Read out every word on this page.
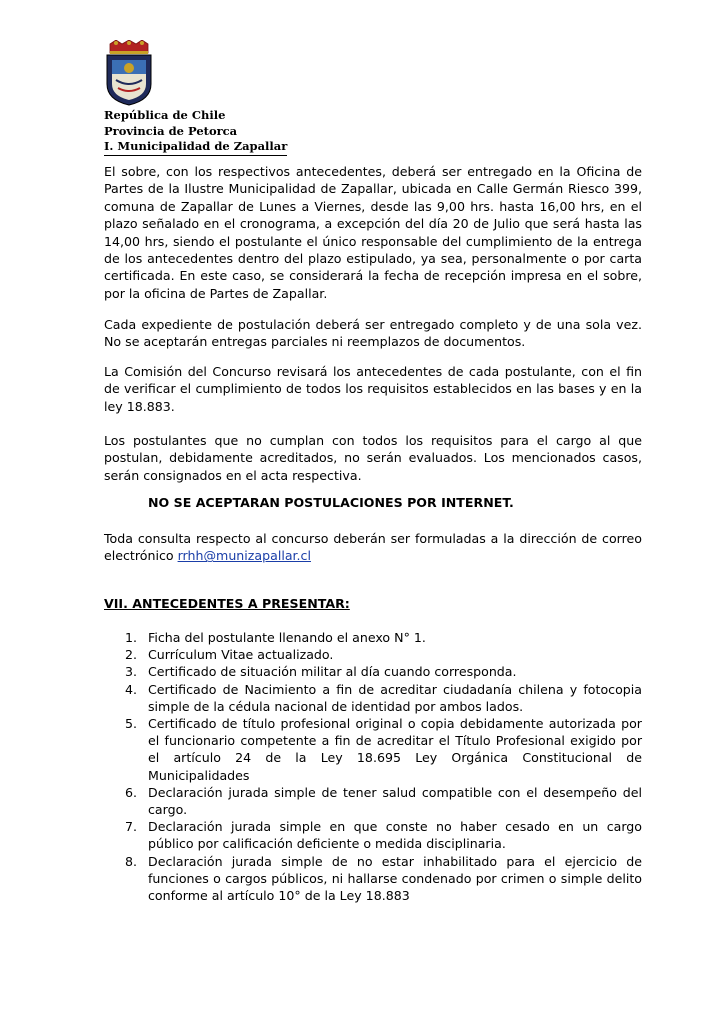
República de Chile
Provincia de Petorca
I. Municipalidad de Zapallar
El sobre, con los respectivos antecedentes, deberá ser entregado en la Oficina de Partes de la Ilustre Municipalidad de Zapallar, ubicada en Calle Germán Riesco 399, comuna de Zapallar de Lunes a Viernes, desde las 9,00 hrs. hasta 16,00 hrs, en el plazo señalado en el cronograma, a excepción del día 20 de Julio que será hasta las 14,00 hrs, siendo el postulante el único responsable del cumplimiento de la entrega de los antecedentes dentro del plazo estipulado, ya sea, personalmente o por carta certificada. En este caso, se considerará la fecha de recepción impresa en el sobre, por la oficina de Partes de Zapallar.
Cada expediente de postulación deberá ser entregado completo y de una sola vez. No se aceptarán entregas parciales ni reemplazos de documentos.
La Comisión del Concurso revisará los antecedentes de cada postulante, con el fin de verificar el cumplimiento de todos los requisitos establecidos en las bases y en la ley 18.883.
Los postulantes que no cumplan con todos los requisitos para el cargo al que postulan, debidamente acreditados, no serán evaluados. Los mencionados casos, serán consignados en el acta respectiva.
NO SE ACEPTARAN POSTULACIONES POR INTERNET.
Toda consulta respecto al concurso deberán ser formuladas a la dirección de correo electrónico rrhh@munizapallar.cl
VII. ANTECEDENTES A PRESENTAR:
1. Ficha del postulante llenando el anexo N° 1.
2. Currículum Vitae actualizado.
3. Certificado de situación militar al día cuando corresponda.
4. Certificado de Nacimiento a fin de acreditar ciudadanía chilena y fotocopia simple de la cédula nacional de identidad por ambos lados.
5. Certificado de título profesional original o copia debidamente autorizada por el funcionario competente a fin de acreditar el Título Profesional exigido por el artículo 24 de la Ley 18.695 Ley Orgánica Constitucional de Municipalidades
6. Declaración jurada simple de tener salud compatible con el desempeño del cargo.
7. Declaración jurada simple en que conste no haber cesado en un cargo público por calificación deficiente o medida disciplinaria.
8. Declaración jurada simple de no estar inhabilitado para el ejercicio de funciones o cargos públicos, ni hallarse condenado por crimen o simple delito conforme al artículo 10° de la Ley 18.883
